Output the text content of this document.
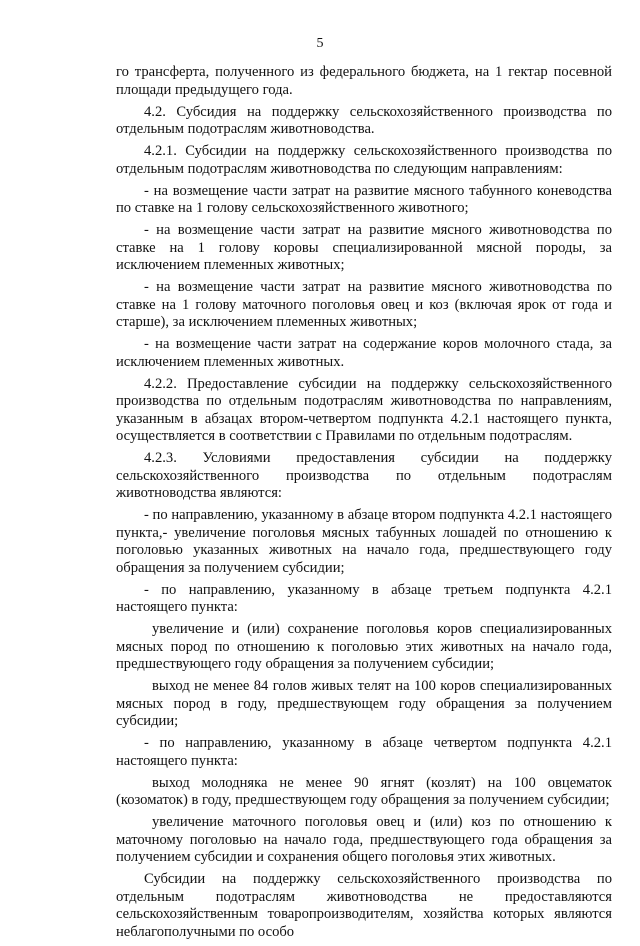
5

го трансферта, полученного из федерального бюджета, на 1 гектар посевной площади предыдущего года.

4.2. Субсидия на поддержку сельскохозяйственного производства по отдельным подотраслям животноводства.

4.2.1. Субсидии на поддержку сельскохозяйственного производства по отдельным подотраслям животноводства по следующим направлениям:

- на возмещение части затрат на развитие мясного табунного коневодства по ставке на 1 голову сельскохозяйственного животного;

- на возмещение части затрат на развитие мясного животноводства по ставке на 1 голову коровы специализированной мясной породы, за исключением племенных животных;

- на возмещение части затрат на развитие мясного животноводства по ставке на 1 голову маточного поголовья овец и коз (включая ярок от года и старше), за исключением племенных животных;

- на возмещение части затрат на содержание коров молочного стада, за исключением племенных животных.

4.2.2. Предоставление субсидии на поддержку сельскохозяйственного производства по отдельным подотраслям животноводства по направлениям, указанным в абзацах втором-четвертом подпункта 4.2.1 настоящего пункта, осуществляется в соответствии с Правилами по отдельным подотраслям.

4.2.3. Условиями предоставления субсидии на поддержку сельскохозяйственного производства по отдельным подотраслям животноводства являются:

- по направлению, указанному в абзаце втором подпункта 4.2.1 настоящего пункта,- увеличение поголовья мясных табунных лошадей по отношению к поголовью указанных животных на начало года, предшествующего году обращения за получением субсидии;

- по направлению, указанному в абзаце третьем подпункта 4.2.1 настоящего пункта:

увеличение и (или) сохранение поголовья коров специализированных мясных пород по отношению к поголовью этих животных на начало года, предшествующего году обращения за получением субсидии;

выход не менее 84 голов живых телят на 100 коров специализированных мясных пород в году, предшествующем году обращения за получением субсидии;

- по направлению, указанному в абзаце четвертом подпункта 4.2.1 настоящего пункта:

выход молодняка не менее 90 ягнят (козлят) на 100 овцематок (козоматок) в году, предшествующем году обращения за получением субсидии;

увеличение маточного поголовья овец и (или) коз по отношению к маточному поголовью на начало года, предшествующего года обращения за получением субсидии и сохранения общего поголовья этих животных.

Субсидии на поддержку сельскохозяйственного производства по отдельным подотраслям животноводства не предоставляются сельскохозяйственным товаропроизводителям, хозяйства которых являются неблагополучными по особо
